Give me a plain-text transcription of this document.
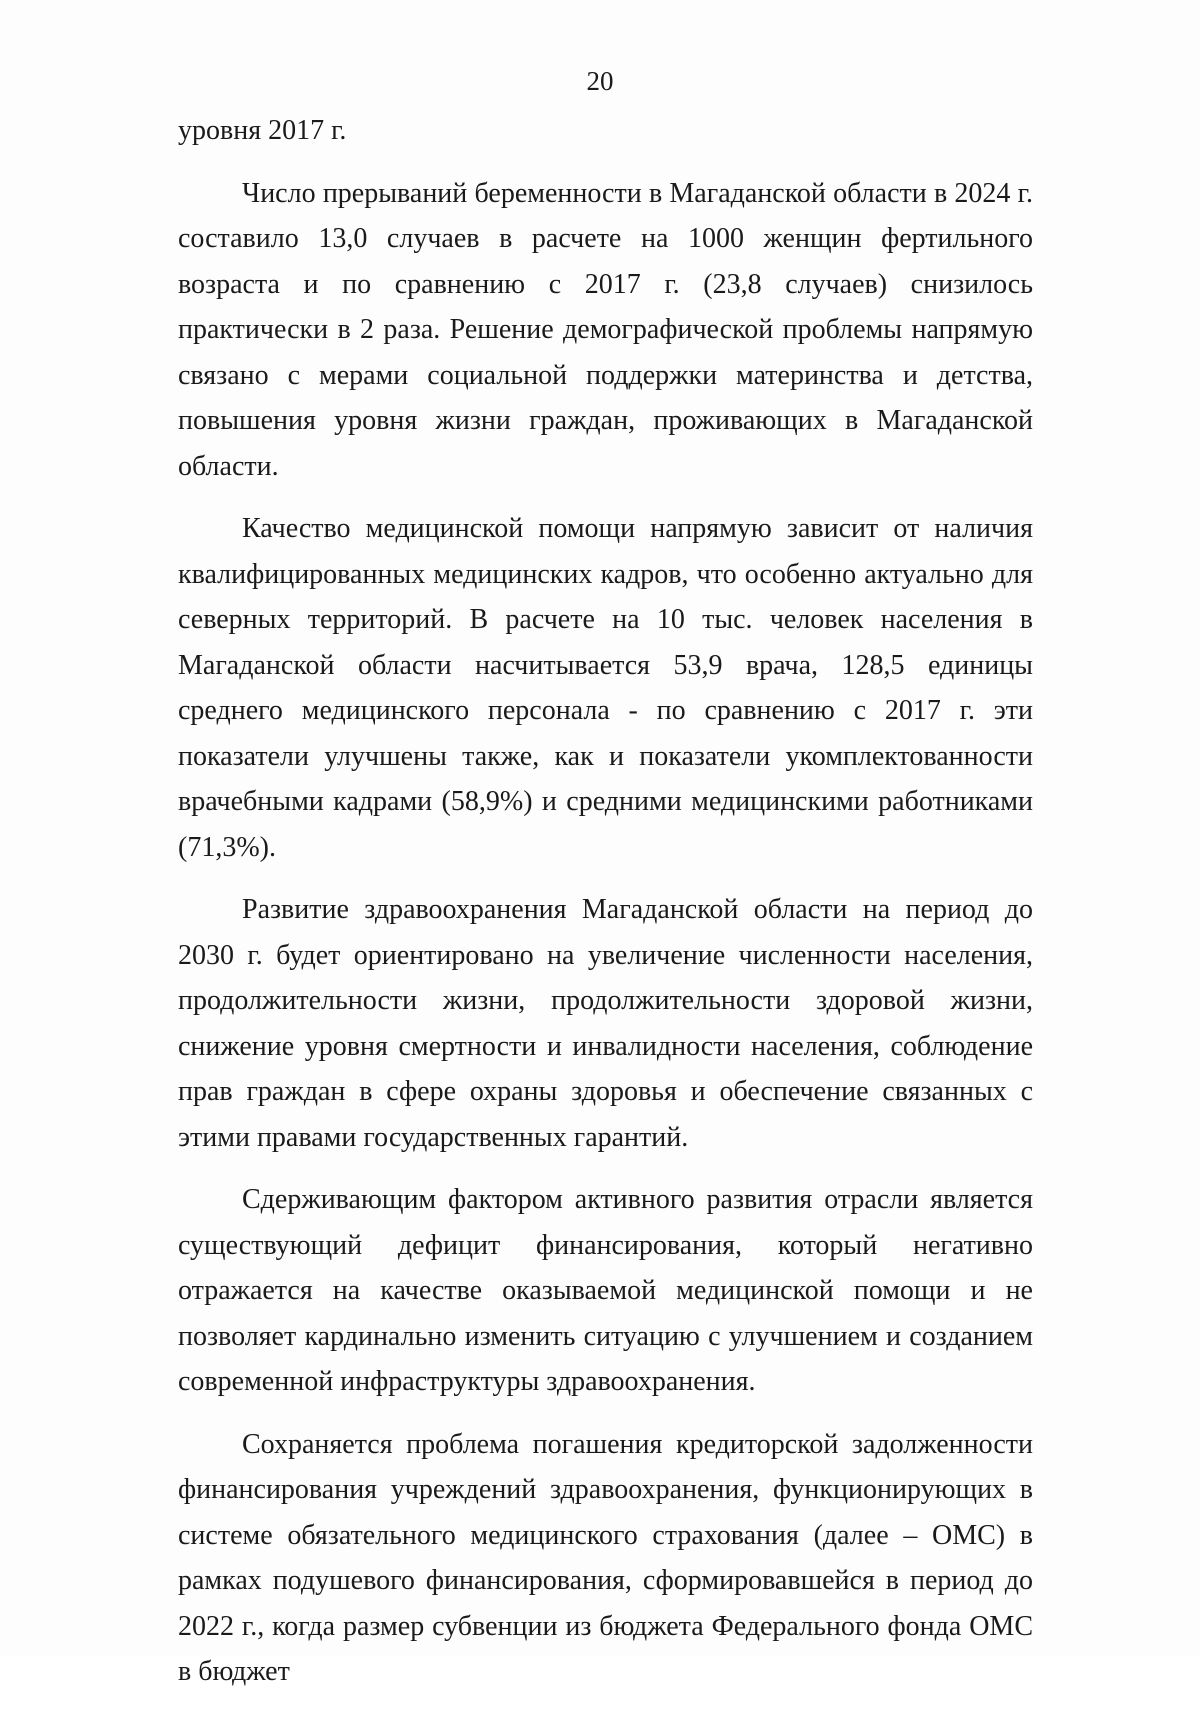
20

уровня 2017 г.

Число прерываний беременности в Магаданской области в 2024 г. составило 13,0 случаев в расчете на 1000 женщин фертильного возраста и по сравнению с 2017 г. (23,8 случаев) снизилось практически в 2 раза. Решение демографической проблемы напрямую связано с мерами социальной поддержки материнства и детства, повышения уровня жизни граждан, проживающих в Магаданской области.

Качество медицинской помощи напрямую зависит от наличия квалифицированных медицинских кадров, что особенно актуально для северных территорий. В расчете на 10 тыс. человек населения в Магаданской области насчитывается 53,9 врача, 128,5 единицы среднего медицинского персонала - по сравнению с 2017 г. эти показатели улучшены также, как и показатели укомплектованности врачебными кадрами (58,9%) и средними медицинскими работниками (71,3%).

Развитие здравоохранения Магаданской области на период до 2030 г. будет ориентировано на увеличение численности населения, продолжительности жизни, продолжительности здоровой жизни, снижение уровня смертности и инвалидности населения, соблюдение прав граждан в сфере охраны здоровья и обеспечение связанных с этими правами государственных гарантий.

Сдерживающим фактором активного развития отрасли является существующий дефицит финансирования, который негативно отражается на качестве оказываемой медицинской помощи и не позволяет кардинально изменить ситуацию с улучшением и созданием современной инфраструктуры здравоохранения.

Сохраняется проблема погашения кредиторской задолженности финансирования учреждений здравоохранения, функционирующих в системе обязательного медицинского страхования (далее – ОМС) в рамках подушевого финансирования, сформировавшейся в период до 2022 г., когда размер субвенции из бюджета Федерального фонда ОМС в бюджет
